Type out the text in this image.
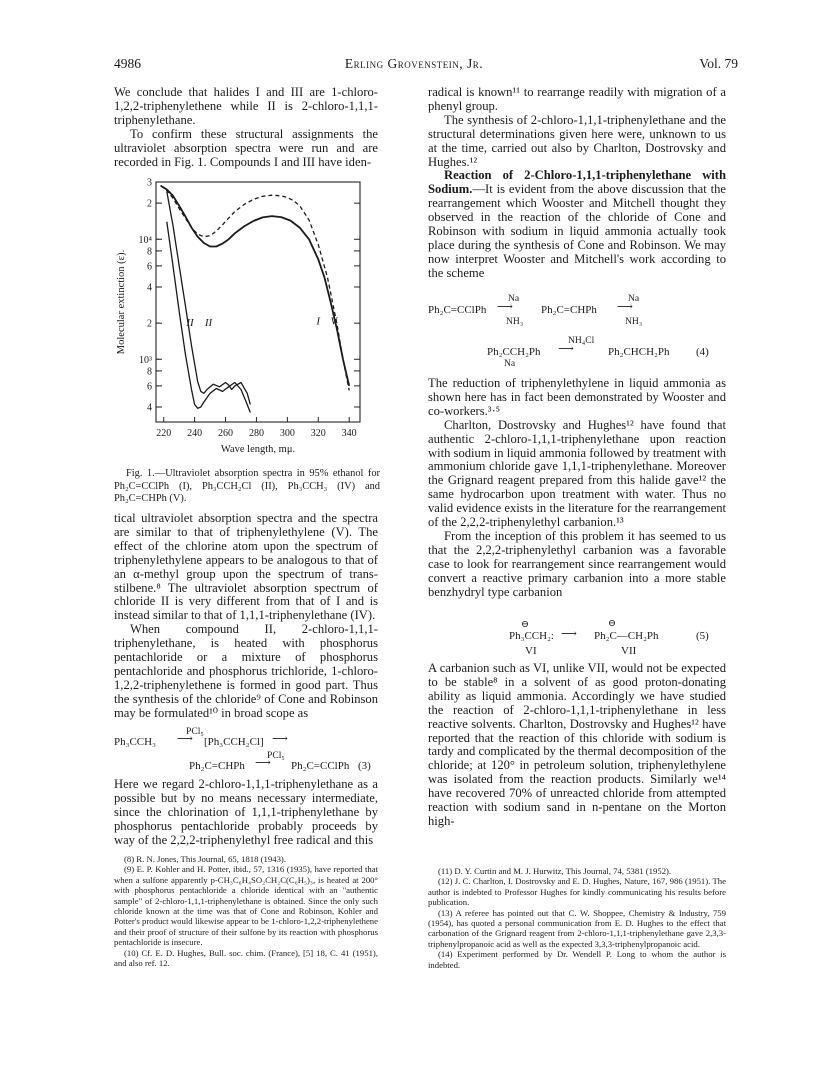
4986	Erling Grovenstein, Jr.	Vol. 79

We conclude that halides I and III are 1-chloro-1,2,2-triphenylethene while II is 2-chloro-1,1,1-triphenylethane.

To confirm these structural assignments the ultraviolet absorption spectra were run and are recorded in Fig. 1. Compounds I and III have iden-

220 240 260 280 300 320 340
3
2
10⁴
8
6
4
2
10³
8
6
4
Wave length, mμ.
Molecular extinction (ε).	II II	I V

Fig. 1.—Ultraviolet absorption spectra in 95% ethanol for Ph₂C=CClPh (I), Ph₃CCH₂Cl (II), Ph₃CCH₃ (IV) and Ph₂C=CHPh (V).

tical ultraviolet absorption spectra and the spectra are similar to that of triphenylethylene (V). The effect of the chlorine atom upon the spectrum of triphenylethylene appears to be analogous to that of an α-methyl group upon the spectrum of trans-stilbene.⁸ The ultraviolet absorption spectrum of chloride II is very different from that of I and is instead similar to that of 1,1,1-triphenylethane (IV).

When compound II, 2-chloro-1,1,1-triphenylethane, is heated with phosphorus pentachloride or a mixture of phosphorus pentachloride and phosphorus trichloride, 1-chloro-1,2,2-triphenylethene is formed in good part. Thus the synthesis of the chloride⁹ of Cone and Robinson may be formulated¹⁰ in broad scope as

Ph₃CCH₃
PCl₅
⟶ [Ph₃CCH₂Cl] ⟶
Ph₂C=CHPh
PCl₅
⟶ Ph₂C=CClPh (3)

Here we regard 2-chloro-1,1,1-triphenylethane as a possible but by no means necessary intermediate, since the chlorination of 1,1,1-triphenylethane by phosphorus pentachloride probably proceeds by way of the 2,2,2-triphenylethyl free radical and this

(8) R. N. Jones, This Journal, 65, 1818 (1943).

(9) E. P. Kohler and H. Potter, ibid., 57, 1316 (1935), have reported that when a sulfone apparently p-CH₃C₆H₄SO₂CH₂C(C₆H₅)₃, is heated at 200° with phosphorus pentachloride a chloride identical with an "authentic sample" of 2-chloro-1,1,1-triphenylethane is obtained. Since the only such chloride known at the time was that of Cone and Robinson, Kohler and Potter's product would likewise appear to be 1-chloro-1,2,2-triphenylethene and their proof of structure of their sulfone by its reaction with phosphorus pentachloride is insecure.

(10) Cf. E. D. Hughes, Bull. soc. chim. (France), [5] 18, C. 41 (1951), and also ref. 12.

radical is known¹¹ to rearrange readily with migration of a phenyl group.

The synthesis of 2-chloro-1,1,1-triphenylethane and the structural determinations given here were, unknown to us at the time, carried out also by Charlton, Dostrovsky and Hughes.¹²

Reaction of 2-Chloro-1,1,1-triphenylethane with Sodium.—It is evident from the above discussion that the rearrangement which Wooster and Mitchell thought they observed in the reaction of the chloride of Cone and Robinson with sodium in liquid ammonia actually took place during the synthesis of Cone and Robinson. We may now interpret Wooster and Mitchell's work according to the scheme

Ph₂C=CClPh
Na
⟶
NH₃
Ph₂C=CHPh
Na
⟶
NH₃
Ph₂CCH₂Ph
Na
NH₄Cl
⟶	Ph₂CHCH₂Ph (4)

The reduction of triphenylethylene in liquid ammonia as shown here has in fact been demonstrated by Wooster and co-workers.³·⁵

Charlton, Dostrovsky and Hughes¹² have found that authentic 2-chloro-1,1,1-triphenylethane upon reaction with sodium in liquid ammonia followed by treatment with ammonium chloride gave 1,1,1-triphenylethane. Moreover the Grignard reagent prepared from this halide gave¹² the same hydrocarbon upon treatment with water. Thus no valid evidence exists in the literature for the rearrangement of the 2,2,2-triphenylethyl carbanion.¹³

From the inception of this problem it has seemed to us that the 2,2,2-triphenylethyl carbanion was a favorable case to look for rearrangement since rearrangement would convert a reactive primary carbanion into a more stable benzhydryl type carbanion

⊖
Ph₃CCH₂: ⟶
⊖
Ph₂C—CH₂Ph	(5)
VI	VII

A carbanion such as VI, unlike VII, would not be expected to be stable⁸ in a solvent of as good proton-donating ability as liquid ammonia. Accordingly we have studied the reaction of 2-chloro-1,1,1-triphenylethane in less reactive solvents. Charlton, Dostrovsky and Hughes¹² have reported that the reaction of this chloride with sodium is tardy and complicated by the thermal decomposition of the chloride; at 120° in petroleum solution, triphenylethylene was isolated from the reaction products. Similarly we¹⁴ have recovered 70% of unreacted chloride from attempted reaction with sodium sand in n-pentane on the Morton high-

(11) D. Y. Curtin and M. J. Hurwitz, This Journal, 74, 5381 (1952).

(12) J. C. Charlton, I. Dostrovsky and E. D. Hughes, Nature, 167, 986 (1951). The author is indebted to Professor Hughes for kindly communicating his results before publication.

(13) A referee has pointed out that C. W. Shoppee, Chemistry & Industry, 759 (1954), has quoted a personal communication from E. D. Hughes to the effect that carbonation of the Grignard reagent from 2-chloro-1,1,1-triphenylethane gave 2,3,3-triphenylpropanoic acid as well as the expected 3,3,3-triphenylpropanoic acid.

(14) Experiment performed by Dr. Wendell P. Long to whom the author is indebted.
